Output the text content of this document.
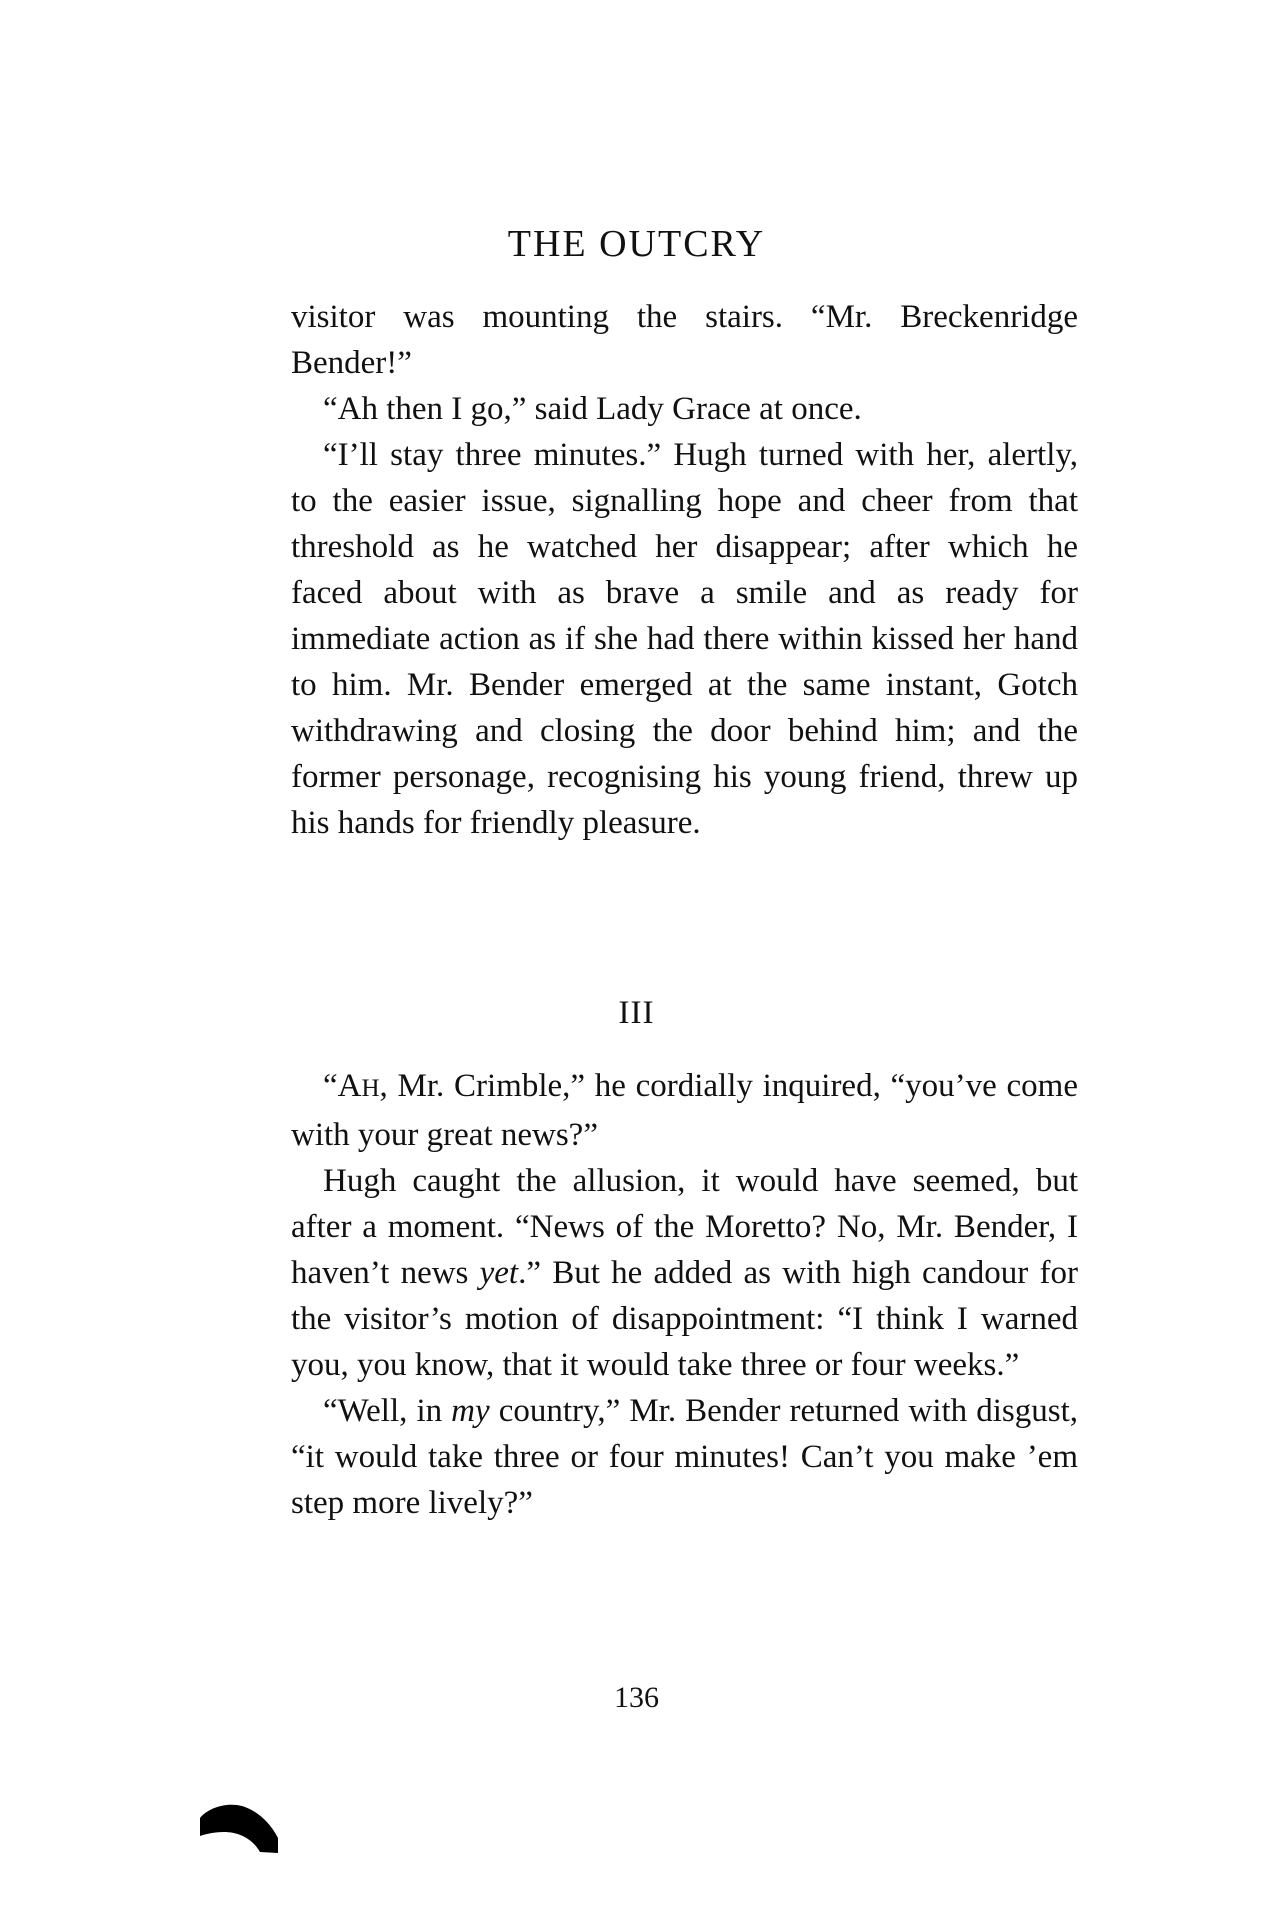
THE OUTCRY

visitor was mounting the stairs. “Mr. Breckenridge Bender!”

“Ah then I go,” said Lady Grace at once.

“I’ll stay three minutes.” Hugh turned with her, alertly, to the easier issue, signalling hope and cheer from that threshold as he watched her disappear; after which he faced about with as brave a smile and as ready for immediate action as if she had there within kissed her hand to him. Mr. Bender emerged at the same instant, Gotch withdrawing and closing the door behind him; and the former personage, recognising his young friend, threw up his hands for friendly pleasure.

III

“AH, Mr. Crimble,” he cordially inquired, “you’ve come with your great news?”

Hugh caught the allusion, it would have seemed, but after a moment. “News of the Moretto? No, Mr. Bender, I haven’t news yet.” But he added as with high candour for the visitor’s motion of disappointment: “I think I warned you, you know, that it would take three or four weeks.”

“Well, in my country,” Mr. Bender returned with disgust, “it would take three or four minutes! Can’t you make ’em step more lively?”

136
